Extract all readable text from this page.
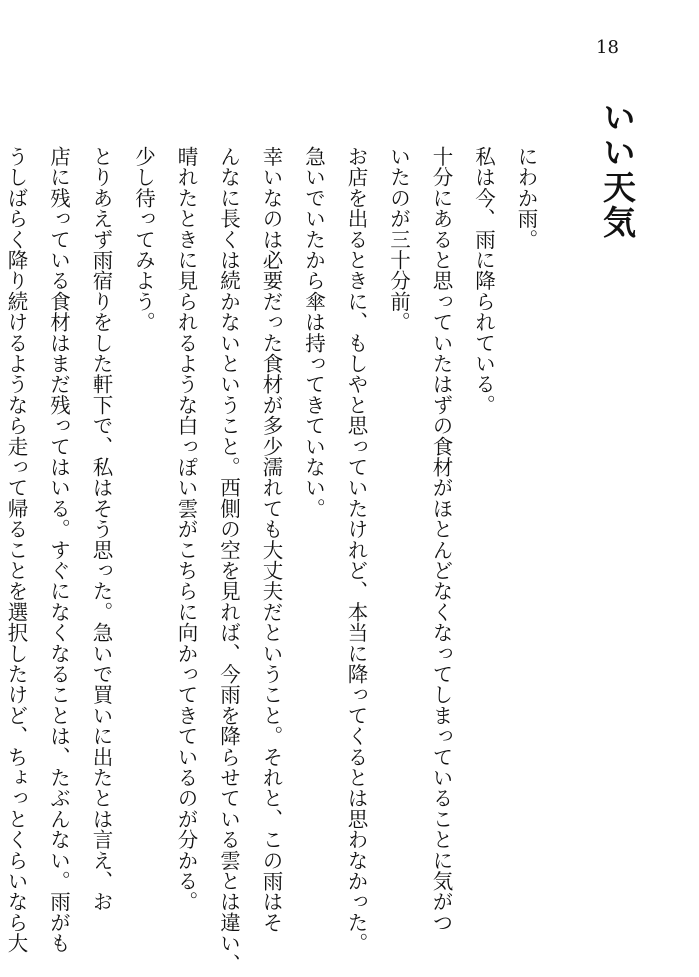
18
いい天気
にわか雨。
私は今、雨に降られている。
十分にあると思っていたはずの食材がほとんどなくなってしまっていることに気がつ
いたのが三十分前。
お店を出るときに、もしやと思っていたけれど、本当に降ってくるとは思わなかった。
急いでいたから傘は持ってきていない。
幸いなのは必要だった食材が多少濡れても大丈夫だということ。それと、この雨はそ
んなに長くは続かないということ。西側の空を見れば、今雨を降らせている雲とは違い、
晴れたときに見られるような白っぽい雲がこちらに向かってきているのが分かる。
少し待ってみよう。
とりあえず雨宿りをした軒下で、私はそう思った。急いで買いに出たとは言え、お
店に残っている食材はまだ残ってはいる。すぐになくなることは、たぶんない。雨がも
うしばらく降り続けるようなら走って帰ることを選択したけど、ちょっとくらいなら大
